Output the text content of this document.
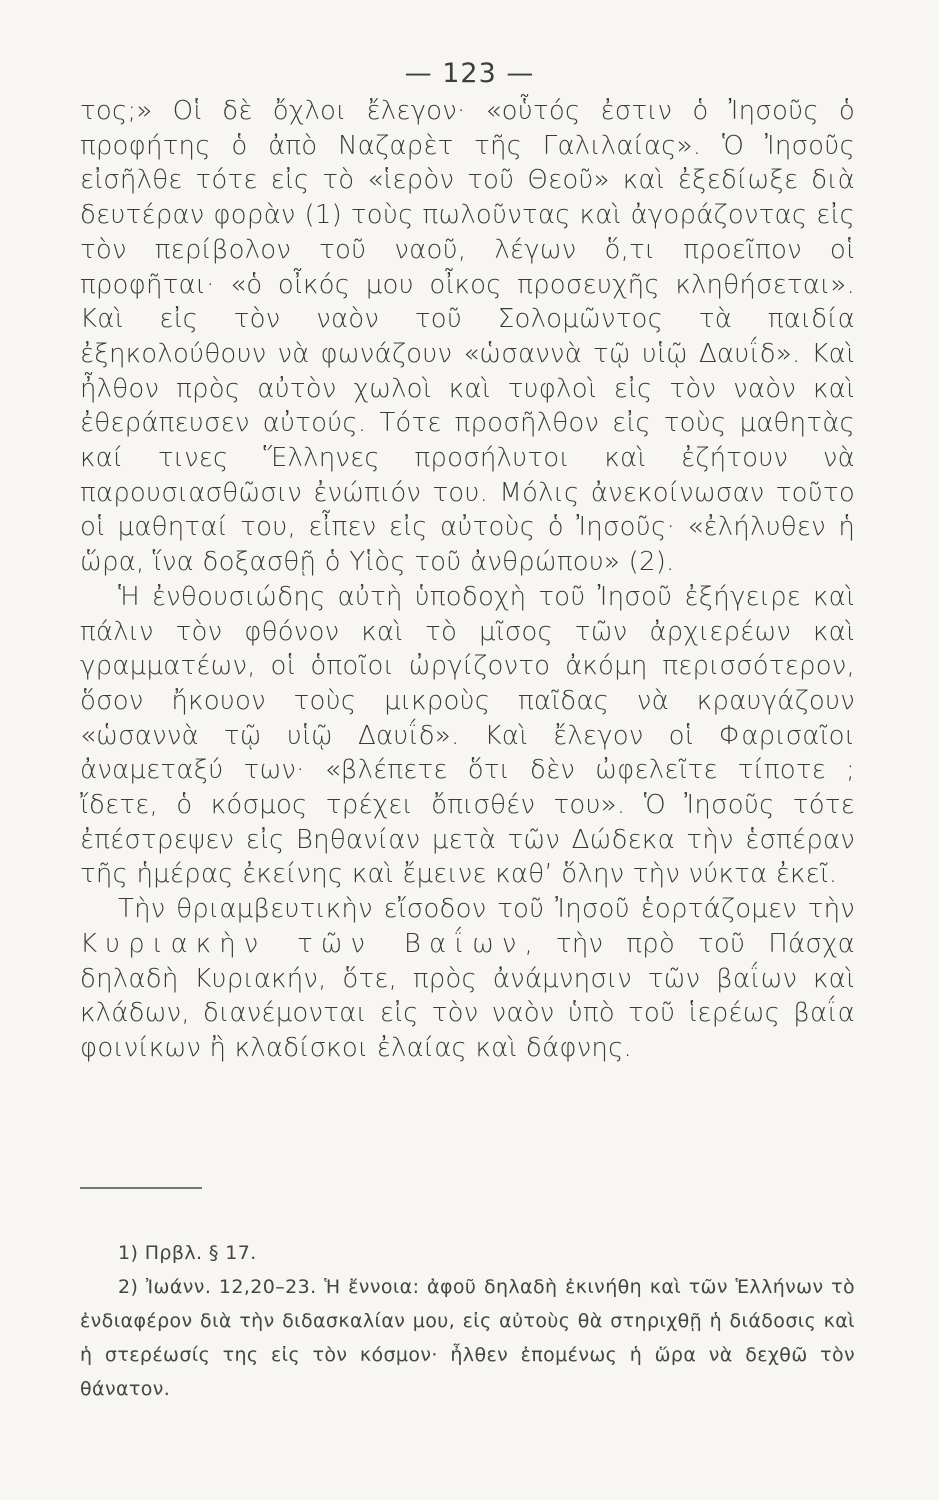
— 123 —

τος;» Οἱ δὲ ὄχλοι ἔλεγον· «οὗτός ἐστιν ὁ Ἰησοῦς ὁ προφήτης ὁ ἀπὸ Ναζαρὲτ τῆς Γαλιλαίας». Ὁ Ἰησοῦς εἰσῆλθε τότε εἰς τὸ «ἱερὸν τοῦ Θεοῦ» καὶ ἐξεδίωξε διὰ δευτέραν φορὰν (1) τοὺς πωλοῦντας καὶ ἀγοράζοντας εἰς τὸν περίβολον τοῦ ναοῦ, λέγων ὅ,τι προεῖπον οἱ προφῆται· «ὁ οἶκός μου οἶκος προσευχῆς κληθήσεται». Καὶ εἰς τὸν ναὸν τοῦ Σολομῶντος τὰ παιδία ἐξηκολούθουν νὰ φωνάζουν «ὡσαννὰ τῷ υἱῷ Δαυΐδ». Καὶ ἦλθον πρὸς αὐτὸν χωλοὶ καὶ τυφλοὶ εἰς τὸν ναὸν καὶ ἐθεράπευσεν αὐτούς. Τότε προσῆλθον εἰς τοὺς μαθητὰς καί τινες Ἕλληνες προσήλυτοι καὶ ἐζήτουν νὰ παρουσιασθῶσιν ἐνώπιόν του. Μόλις ἀνεκοίνωσαν τοῦτο οἱ μαθηταί του, εἶπεν εἰς αὐτοὺς ὁ Ἰησοῦς· «ἐλήλυθεν ἡ ὥρα, ἵνα δοξασθῇ ὁ Υἱὸς τοῦ ἀνθρώπου» (2).

Ἡ ἐνθουσιώδης αὐτὴ ὑποδοχὴ τοῦ Ἰησοῦ ἐξήγειρε καὶ πάλιν τὸν φθόνον καὶ τὸ μῖσος τῶν ἀρχιερέων καὶ γραμματέων, οἱ ὁποῖοι ὠργίζοντο ἀκόμη περισσότερον, ὅσον ἤκουον τοὺς μικροὺς παῖδας νὰ κραυγάζουν «ὡσαννὰ τῷ υἱῷ Δαυΐδ». Καὶ ἔλεγον οἱ Φαρισαῖοι ἀναμεταξύ των· «βλέπετε ὅτι δὲν ὠφελεῖτε τίποτε ; ἴδετε, ὁ κόσμος τρέχει ὄπισθέν του». Ὁ Ἰησοῦς τότε ἐπέστρεψεν εἰς Βηθανίαν μετὰ τῶν Δώδεκα τὴν ἑσπέραν τῆς ἡμέρας ἐκείνης καὶ ἔμεινε καθ’ ὅλην τὴν νύκτα ἐκεῖ.

Τὴν θριαμβευτικὴν εἴσοδον τοῦ Ἰησοῦ ἑορτάζομεν τὴν Κυριακὴν τῶν Βαΐων, τὴν πρὸ τοῦ Πάσχα δηλαδὴ Κυριακήν, ὅτε, πρὸς ἀνάμνησιν τῶν βαΐων καὶ κλάδων, διανέμονται εἰς τὸν ναὸν ὑπὸ τοῦ ἱερέως βαΐα φοινίκων ἢ κλαδίσκοι ἐλαίας καὶ δάφνης.

1) Πρβλ. § 17.

2) Ἰωάνν. 12,20–23. Ἡ ἔννοια: ἀφοῦ δηλαδὴ ἐκινήθη καὶ τῶν Ἑλλήνων τὸ ἐνδιαφέρον διὰ τὴν διδασκαλίαν μου, εἰς αὐτοὺς θὰ στηριχθῇ ἡ διάδοσις καὶ ἡ στερέωσίς της εἰς τὸν κόσμον· ἦλθεν ἑπομένως ἡ ὥρα νὰ δεχθῶ τὸν θάνατον.
